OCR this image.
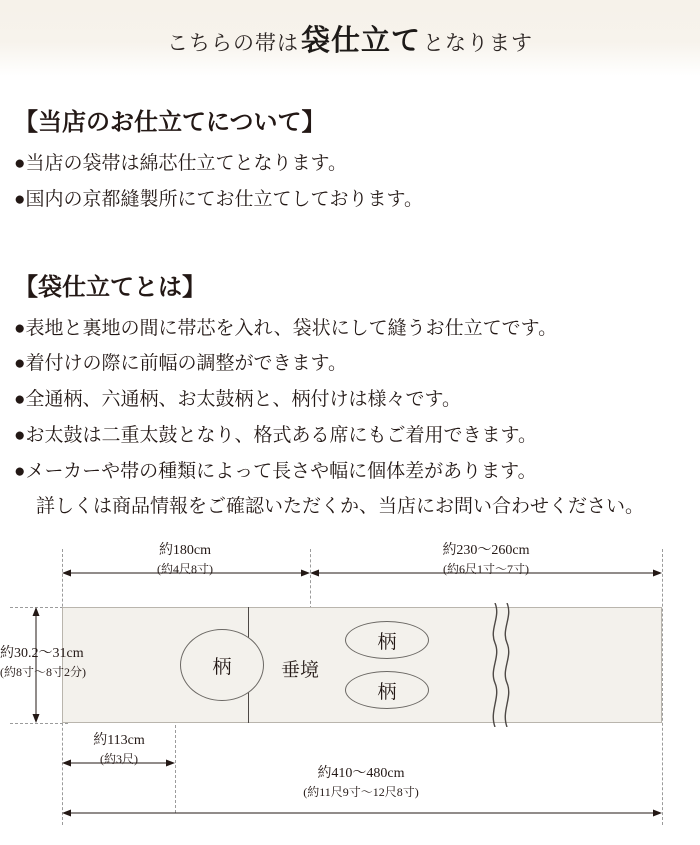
こちらの帯は 袋仕立て となります
【当店のお仕立てについて】
●当店の袋帯は綿芯仕立てとなります。
●国内の京都縫製所にてお仕立てしております。
【袋仕立てとは】
●表地と裏地の間に帯芯を入れ、袋状にして縫うお仕立てです。
●着付けの際に前幅の調整ができます。
●全通柄、六通柄、お太鼓柄と、柄付けは様々です。
●お太鼓は二重太鼓となり、格式ある席にもご着用できます。
●メーカーや帯の種類によって長さや幅に個体差があります。
詳しくは商品情報をご確認いただくか、当店にお問い合わせください。
柄
柄
柄
垂境
約180cm
(約4尺8寸)
約230〜260cm
(約6尺1寸〜7寸)
約30.2〜31cm
(約8寸〜8寸2分)
約113cm
(約3尺)
約410〜480cm
(約11尺9寸〜12尺8寸)
